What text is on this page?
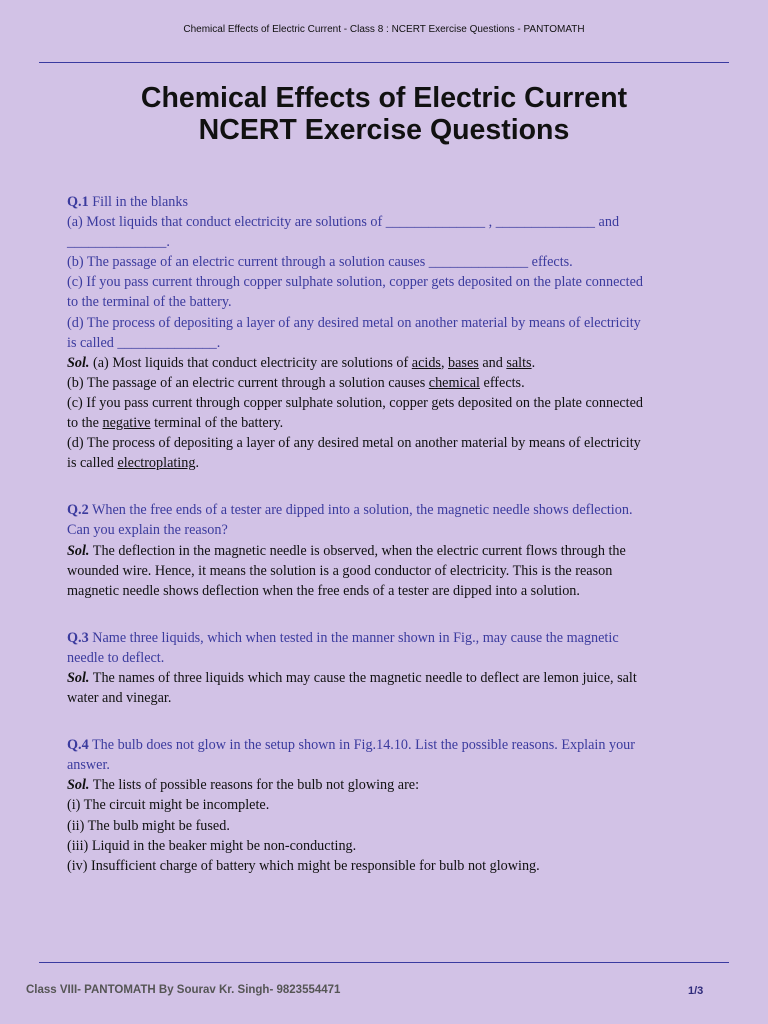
Chemical Effects of Electric Current - Class 8 : NCERT Exercise Questions - PANTOMATH
Chemical Effects of Electric Current
NCERT Exercise Questions
Q.1 Fill in the blanks
(a) Most liquids that conduct electricity are solutions of ______________ , ______________ and
______________.
(b) The passage of an electric current through a solution causes ______________ effects.
(c) If you pass current through copper sulphate solution, copper gets deposited on the plate connected
to the terminal of the battery.
(d) The process of depositing a layer of any desired metal on another material by means of electricity
is called ______________.
Sol. (a) Most liquids that conduct electricity are solutions of acids, bases and salts.
(b) The passage of an electric current through a solution causes chemical effects.
(c) If you pass current through copper sulphate solution, copper gets deposited on the plate connected
to the negative terminal of the battery.
(d) The process of depositing a layer of any desired metal on another material by means of electricity
is called electroplating.
Q.2 When the free ends of a tester are dipped into a solution, the magnetic needle shows deflection.
Can you explain the reason?
Sol. The deflection in the magnetic needle is observed, when the electric current flows through the
wounded wire. Hence, it means the solution is a good conductor of electricity. This is the reason
magnetic needle shows deflection when the free ends of a tester are dipped into a solution.
Q.3 Name three liquids, which when tested in the manner shown in Fig., may cause the magnetic
needle to deflect.
Sol. The names of three liquids which may cause the magnetic needle to deflect are lemon juice, salt
water and vinegar.
Q.4 The bulb does not glow in the setup shown in Fig.14.10. List the possible reasons. Explain your
answer.
Sol. The lists of possible reasons for the bulb not glowing are:
(i) The circuit might be incomplete.
(ii) The bulb might be fused.
(iii) Liquid in the beaker might be non-conducting.
(iv) Insufficient charge of battery which might be responsible for bulb not glowing.
Class VIII- PANTOMATH By Sourav Kr. Singh- 9823554471	1/3
